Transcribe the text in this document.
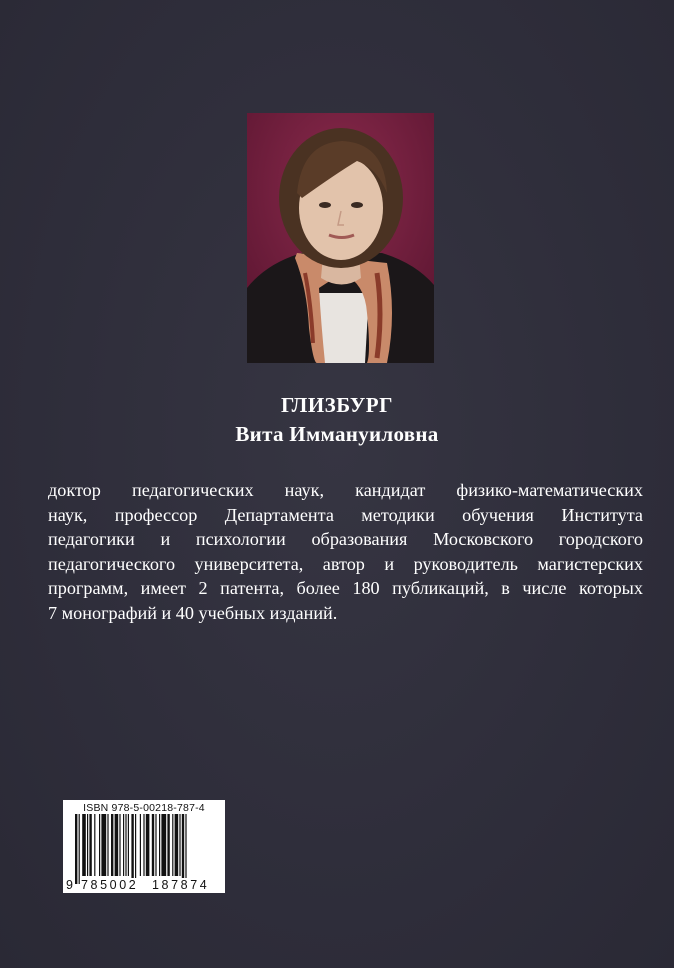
ГЛИЗБУРГ
Вита Иммануиловна
доктор педагогических наук, кандидат физико-математических
наук, профессор Департамента методики обучения Института
педагогики и психологии образования Московского городского
педагогического университета, автор и руководитель магистерских
программ, имеет 2 патента, более 180 публикаций, в числе которых
7 монографий и 40 учебных изданий.
ISBN 978-5-00218-787-4
9 785002 187874
